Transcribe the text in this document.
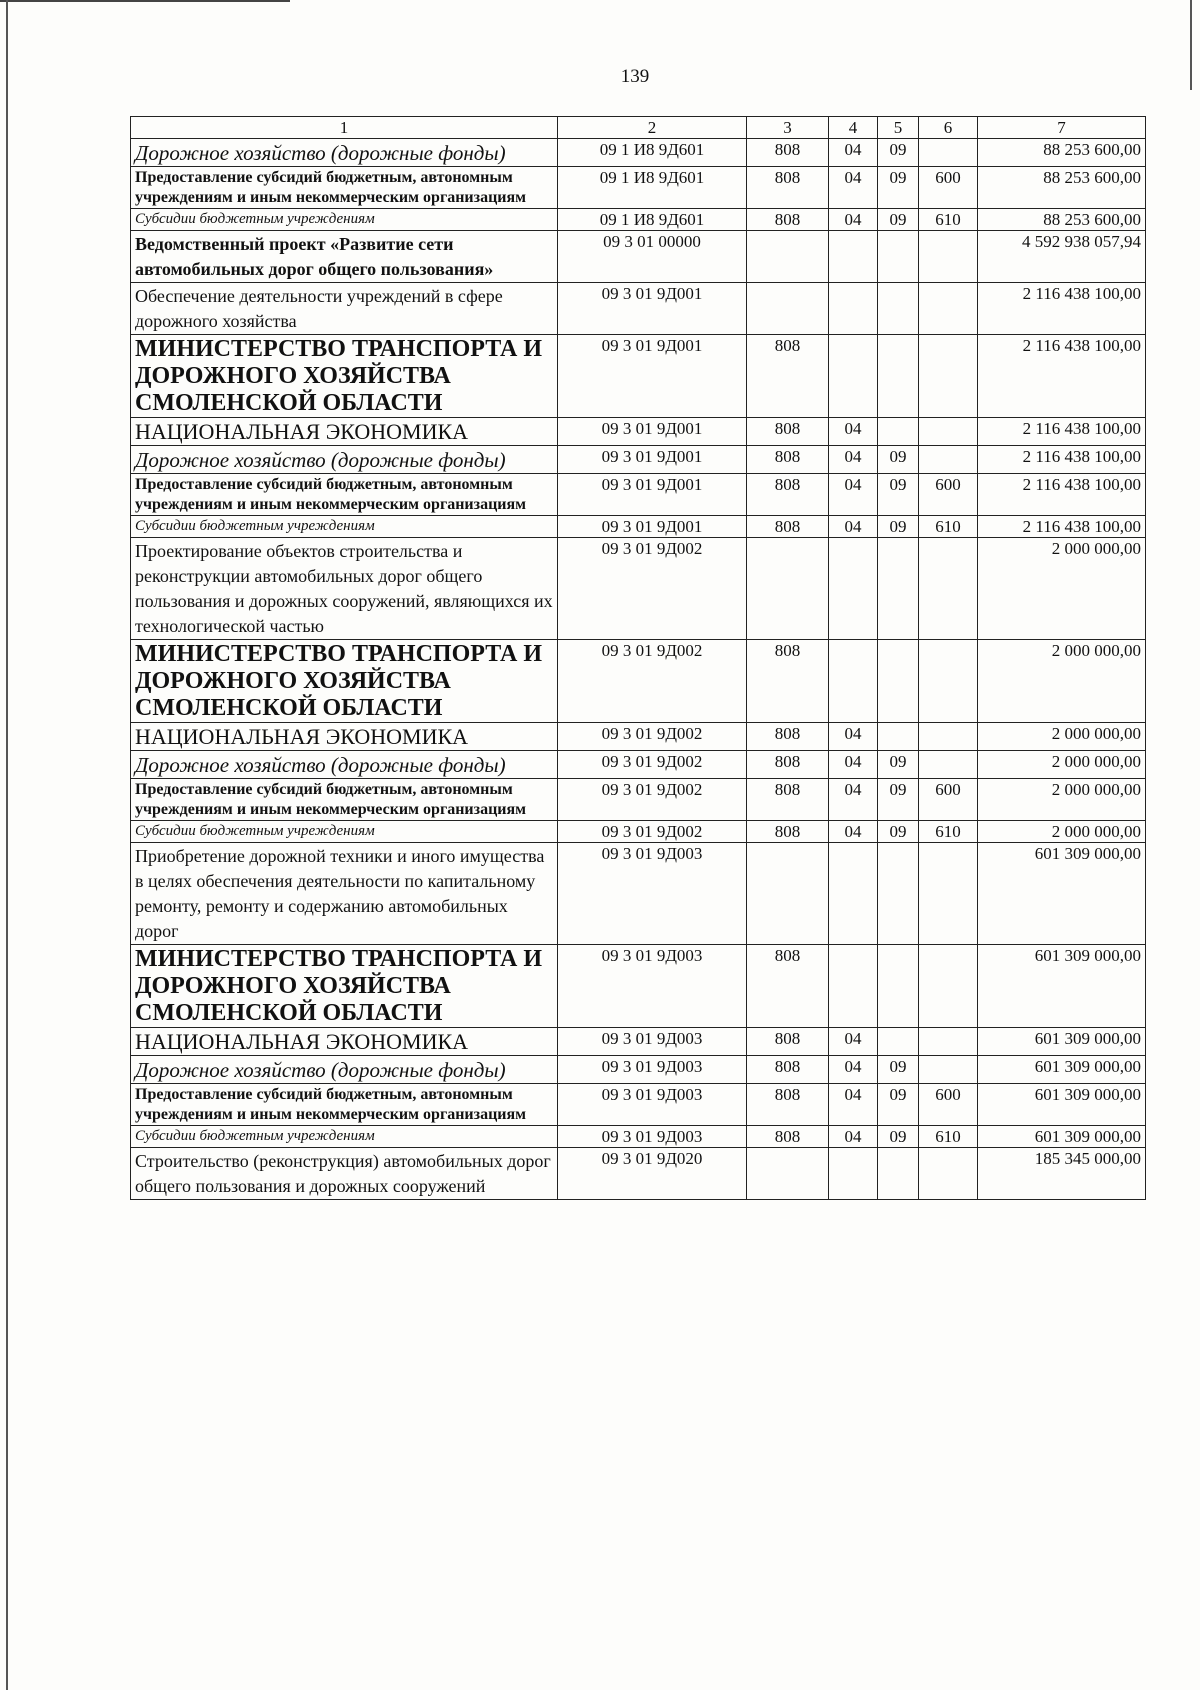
139
1	2	3	4	5	6	7
Дорожное хозяйство (дорожные фонды)	09 1 И8 9Д601	808	04	09		88 253 600,00
Предоставление субсидий бюджетным, автономным учреждениям и иным некоммерческим организациям	09 1 И8 9Д601	808	04	09	600	88 253 600,00
Субсидии бюджетным учреждениям	09 1 И8 9Д601	808	04	09	610	88 253 600,00
Ведомственный проект «Развитие сети автомобильных дорог общего пользования»	09 3 01 00000					4 592 938 057,94
Обеспечение деятельности учреждений в сфере дорожного хозяйства	09 3 01 9Д001					2 116 438 100,00
МИНИСТЕРСТВО ТРАНСПОРТА И ДОРОЖНОГО ХОЗЯЙСТВА СМОЛЕНСКОЙ ОБЛАСТИ	09 3 01 9Д001	808				2 116 438 100,00
НАЦИОНАЛЬНАЯ ЭКОНОМИКА	09 3 01 9Д001	808	04			2 116 438 100,00
Дорожное хозяйство (дорожные фонды)	09 3 01 9Д001	808	04	09		2 116 438 100,00
Предоставление субсидий бюджетным, автономным учреждениям и иным некоммерческим организациям	09 3 01 9Д001	808	04	09	600	2 116 438 100,00
Субсидии бюджетным учреждениям	09 3 01 9Д001	808	04	09	610	2 116 438 100,00
Проектирование объектов строительства и реконструкции автомобильных дорог общего пользования и дорожных сооружений, являющихся их технологической частью	09 3 01 9Д002					2 000 000,00
МИНИСТЕРСТВО ТРАНСПОРТА И ДОРОЖНОГО ХОЗЯЙСТВА СМОЛЕНСКОЙ ОБЛАСТИ	09 3 01 9Д002	808				2 000 000,00
НАЦИОНАЛЬНАЯ ЭКОНОМИКА	09 3 01 9Д002	808	04			2 000 000,00
Дорожное хозяйство (дорожные фонды)	09 3 01 9Д002	808	04	09		2 000 000,00
Предоставление субсидий бюджетным, автономным учреждениям и иным некоммерческим организациям	09 3 01 9Д002	808	04	09	600	2 000 000,00
Субсидии бюджетным учреждениям	09 3 01 9Д002	808	04	09	610	2 000 000,00
Приобретение дорожной техники и иного имущества в целях обеспечения деятельности по капитальному ремонту, ремонту и содержанию автомобильных дорог	09 3 01 9Д003					601 309 000,00
МИНИСТЕРСТВО ТРАНСПОРТА И ДОРОЖНОГО ХОЗЯЙСТВА СМОЛЕНСКОЙ ОБЛАСТИ	09 3 01 9Д003	808				601 309 000,00
НАЦИОНАЛЬНАЯ ЭКОНОМИКА	09 3 01 9Д003	808	04			601 309 000,00
Дорожное хозяйство (дорожные фонды)	09 3 01 9Д003	808	04	09		601 309 000,00
Предоставление субсидий бюджетным, автономным учреждениям и иным некоммерческим организациям	09 3 01 9Д003	808	04	09	600	601 309 000,00
Субсидии бюджетным учреждениям	09 3 01 9Д003	808	04	09	610	601 309 000,00
Строительство (реконструкция) автомобильных дорог общего пользования и дорожных сооружений	09 3 01 9Д020					185 345 000,00
